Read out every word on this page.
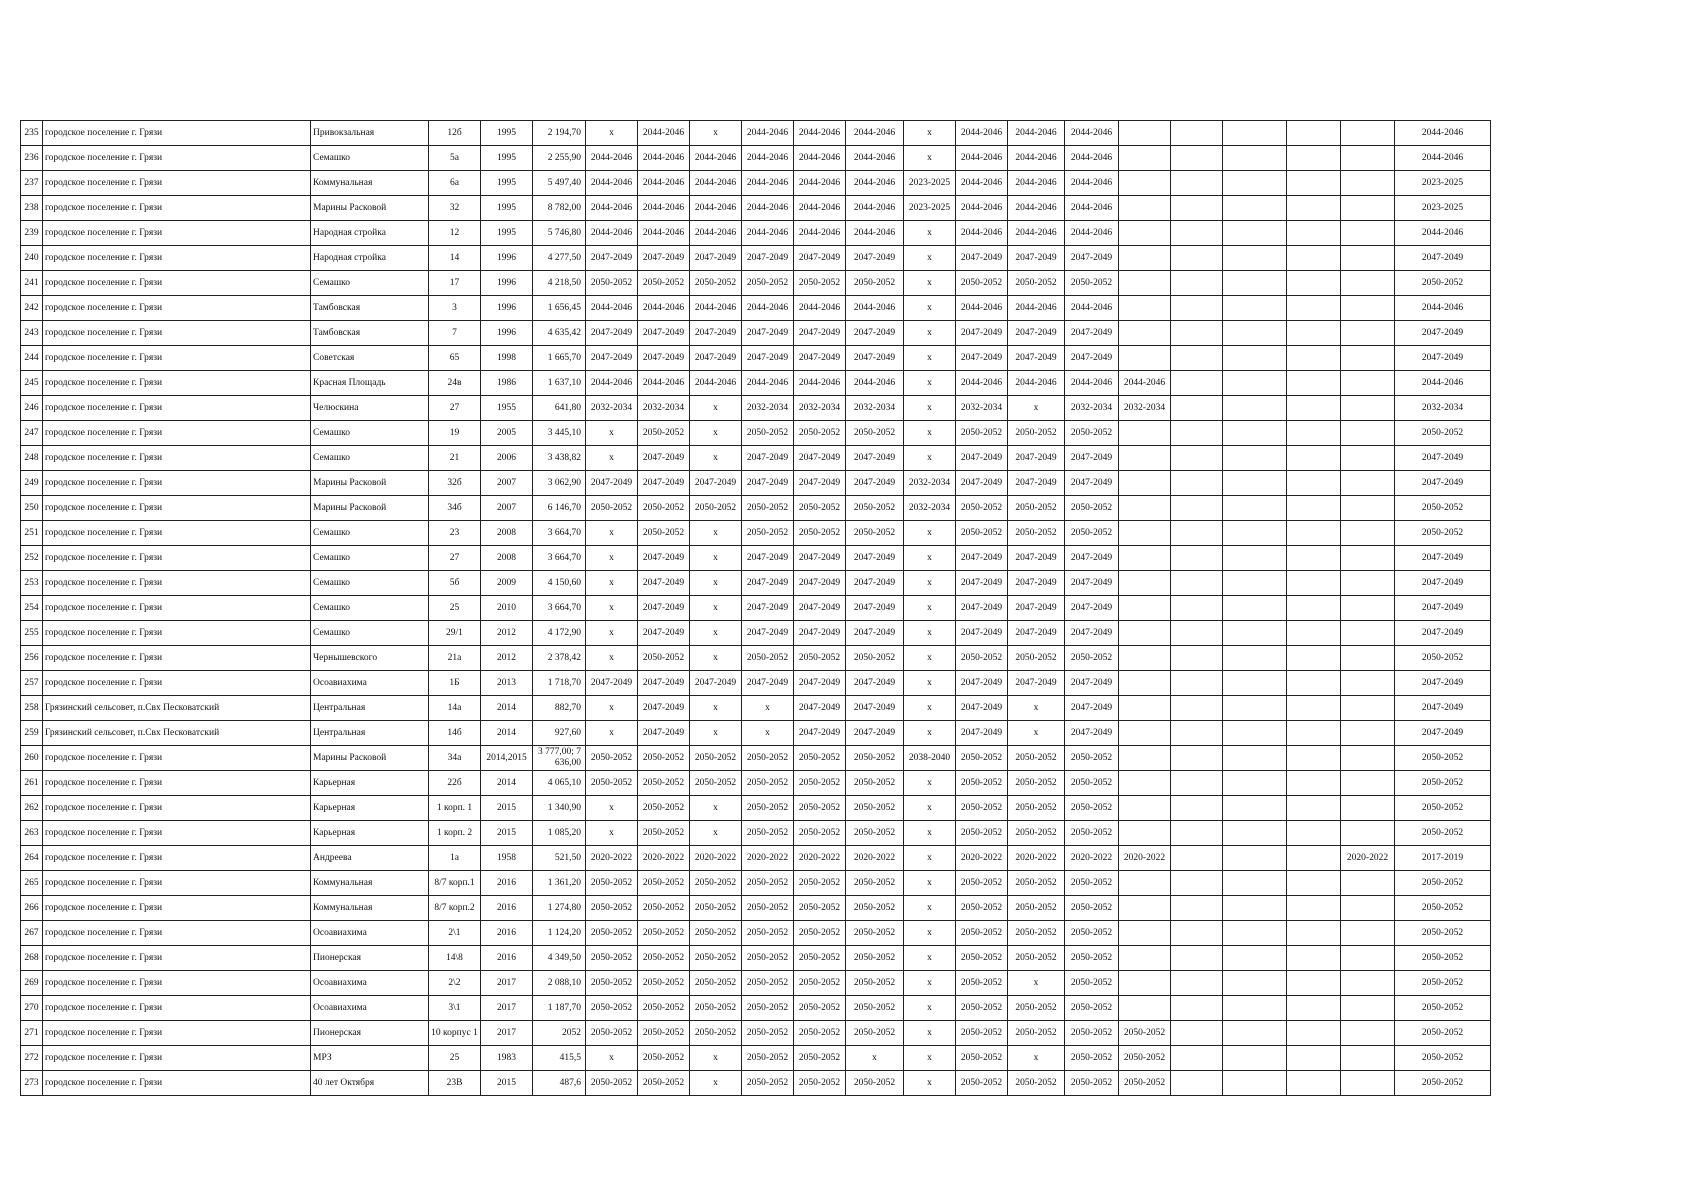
235	городское поселение г. Грязи	Привокзальная	12б	1995	2 194,70	х	2044-2046	х	2044-2046	2044-2046	2044-2046	х	2044-2046	2044-2046	2044-2046						2044-2046
236	городское поселение г. Грязи	Семашко	5а	1995	2 255,90	2044-2046	2044-2046	2044-2046	2044-2046	2044-2046	2044-2046	х	2044-2046	2044-2046	2044-2046						2044-2046
237	городское поселение г. Грязи	Коммунальная	6а	1995	5 497,40	2044-2046	2044-2046	2044-2046	2044-2046	2044-2046	2044-2046	2023-2025	2044-2046	2044-2046	2044-2046						2023-2025
238	городское поселение г. Грязи	Марины Расковой	32	1995	8 782,00	2044-2046	2044-2046	2044-2046	2044-2046	2044-2046	2044-2046	2023-2025	2044-2046	2044-2046	2044-2046						2023-2025
239	городское поселение г. Грязи	Народная стройка	12	1995	5 746,80	2044-2046	2044-2046	2044-2046	2044-2046	2044-2046	2044-2046	х	2044-2046	2044-2046	2044-2046						2044-2046
240	городское поселение г. Грязи	Народная стройка	14	1996	4 277,50	2047-2049	2047-2049	2047-2049	2047-2049	2047-2049	2047-2049	х	2047-2049	2047-2049	2047-2049						2047-2049
241	городское поселение г. Грязи	Семашко	17	1996	4 218,50	2050-2052	2050-2052	2050-2052	2050-2052	2050-2052	2050-2052	х	2050-2052	2050-2052	2050-2052						2050-2052
242	городское поселение г. Грязи	Тамбовская	3	1996	1 656,45	2044-2046	2044-2046	2044-2046	2044-2046	2044-2046	2044-2046	х	2044-2046	2044-2046	2044-2046						2044-2046
243	городское поселение г. Грязи	Тамбовская	7	1996	4 635,42	2047-2049	2047-2049	2047-2049	2047-2049	2047-2049	2047-2049	х	2047-2049	2047-2049	2047-2049						2047-2049
244	городское поселение г. Грязи	Советская	65	1998	1 665,70	2047-2049	2047-2049	2047-2049	2047-2049	2047-2049	2047-2049	х	2047-2049	2047-2049	2047-2049						2047-2049
245	городское поселение г. Грязи	Красная Площадь	24в	1986	1 637,10	2044-2046	2044-2046	2044-2046	2044-2046	2044-2046	2044-2046	х	2044-2046	2044-2046	2044-2046	2044-2046					2044-2046
246	городское поселение г. Грязи	Челюскина	27	1955	641,80	2032-2034	2032-2034	х	2032-2034	2032-2034	2032-2034	х	2032-2034	х	2032-2034	2032-2034					2032-2034
247	городское поселение г. Грязи	Семашко	19	2005	3 445,10	х	2050-2052	х	2050-2052	2050-2052	2050-2052	х	2050-2052	2050-2052	2050-2052						2050-2052
248	городское поселение г. Грязи	Семашко	21	2006	3 438,82	х	2047-2049	х	2047-2049	2047-2049	2047-2049	х	2047-2049	2047-2049	2047-2049						2047-2049
249	городское поселение г. Грязи	Марины Расковой	32б	2007	3 062,90	2047-2049	2047-2049	2047-2049	2047-2049	2047-2049	2047-2049	2032-2034	2047-2049	2047-2049	2047-2049						2047-2049
250	городское поселение г. Грязи	Марины Расковой	34б	2007	6 146,70	2050-2052	2050-2052	2050-2052	2050-2052	2050-2052	2050-2052	2032-2034	2050-2052	2050-2052	2050-2052						2050-2052
251	городское поселение г. Грязи	Семашко	23	2008	3 664,70	х	2050-2052	х	2050-2052	2050-2052	2050-2052	х	2050-2052	2050-2052	2050-2052						2050-2052
252	городское поселение г. Грязи	Семашко	27	2008	3 664,70	х	2047-2049	х	2047-2049	2047-2049	2047-2049	х	2047-2049	2047-2049	2047-2049						2047-2049
253	городское поселение г. Грязи	Семашко	5б	2009	4 150,60	х	2047-2049	х	2047-2049	2047-2049	2047-2049	х	2047-2049	2047-2049	2047-2049						2047-2049
254	городское поселение г. Грязи	Семашко	25	2010	3 664,70	х	2047-2049	х	2047-2049	2047-2049	2047-2049	х	2047-2049	2047-2049	2047-2049						2047-2049
255	городское поселение г. Грязи	Семашко	29/1	2012	4 172,90	х	2047-2049	х	2047-2049	2047-2049	2047-2049	х	2047-2049	2047-2049	2047-2049						2047-2049
256	городское поселение г. Грязи	Чернышевского	21а	2012	2 378,42	х	2050-2052	х	2050-2052	2050-2052	2050-2052	х	2050-2052	2050-2052	2050-2052						2050-2052
257	городское поселение г. Грязи	Осоавиахима	1Б	2013	1 718,70	2047-2049	2047-2049	2047-2049	2047-2049	2047-2049	2047-2049	х	2047-2049	2047-2049	2047-2049						2047-2049
258	Грязинский сельсовет, п.Свх Песковатский	Центральная	14а	2014	882,70	х	2047-2049	х	х	2047-2049	2047-2049	х	2047-2049	х	2047-2049						2047-2049
259	Грязинский сельсовет, п.Свх Песковатский	Центральная	14б	2014	927,60	х	2047-2049	х	х	2047-2049	2047-2049	х	2047-2049	х	2047-2049						2047-2049
260	городское поселение г. Грязи	Марины Расковой	34а	2014,2015	3 777,00; 7 636,00	2050-2052	2050-2052	2050-2052	2050-2052	2050-2052	2050-2052	2038-2040	2050-2052	2050-2052	2050-2052						2050-2052
261	городское поселение г. Грязи	Карьерная	22б	2014	4 065,10	2050-2052	2050-2052	2050-2052	2050-2052	2050-2052	2050-2052	х	2050-2052	2050-2052	2050-2052						2050-2052
262	городское поселение г. Грязи	Карьерная	1 корп. 1	2015	1 340,90	х	2050-2052	х	2050-2052	2050-2052	2050-2052	х	2050-2052	2050-2052	2050-2052						2050-2052
263	городское поселение г. Грязи	Карьерная	1 корп. 2	2015	1 085,20	х	2050-2052	х	2050-2052	2050-2052	2050-2052	х	2050-2052	2050-2052	2050-2052						2050-2052
264	городское поселение г. Грязи	Андреева	1а	1958	521,50	2020-2022	2020-2022	2020-2022	2020-2022	2020-2022	2020-2022	х	2020-2022	2020-2022	2020-2022	2020-2022				2020-2022	2017-2019
265	городское поселение г. Грязи	Коммунальная	8/7 корп.1	2016	1 361,20	2050-2052	2050-2052	2050-2052	2050-2052	2050-2052	2050-2052	х	2050-2052	2050-2052	2050-2052						2050-2052
266	городское поселение г. Грязи	Коммунальная	8/7 корп.2	2016	1 274,80	2050-2052	2050-2052	2050-2052	2050-2052	2050-2052	2050-2052	х	2050-2052	2050-2052	2050-2052						2050-2052
267	городское поселение г. Грязи	Осоавиахима	2\1	2016	1 124,20	2050-2052	2050-2052	2050-2052	2050-2052	2050-2052	2050-2052	х	2050-2052	2050-2052	2050-2052						2050-2052
268	городское поселение г. Грязи	Пионерская	14\8	2016	4 349,50	2050-2052	2050-2052	2050-2052	2050-2052	2050-2052	2050-2052	х	2050-2052	2050-2052	2050-2052						2050-2052
269	городское поселение г. Грязи	Осоавиахима	2\2	2017	2 088,10	2050-2052	2050-2052	2050-2052	2050-2052	2050-2052	2050-2052	х	2050-2052	х	2050-2052						2050-2052
270	городское поселение г. Грязи	Осоавиахима	3\1	2017	1 187,70	2050-2052	2050-2052	2050-2052	2050-2052	2050-2052	2050-2052	х	2050-2052	2050-2052	2050-2052						2050-2052
271	городское поселение г. Грязи	Пионерская	10 корпус 1	2017	2052	2050-2052	2050-2052	2050-2052	2050-2052	2050-2052	2050-2052	х	2050-2052	2050-2052	2050-2052	2050-2052					2050-2052
272	городское поселение г. Грязи	МРЗ	25	1983	415,5	х	2050-2052	х	2050-2052	2050-2052	х	х	2050-2052	х	2050-2052	2050-2052					2050-2052
273	городское поселение г. Грязи	40 лет Октября	23В	2015	487,6	2050-2052	2050-2052	х	2050-2052	2050-2052	2050-2052	х	2050-2052	2050-2052	2050-2052	2050-2052					2050-2052
